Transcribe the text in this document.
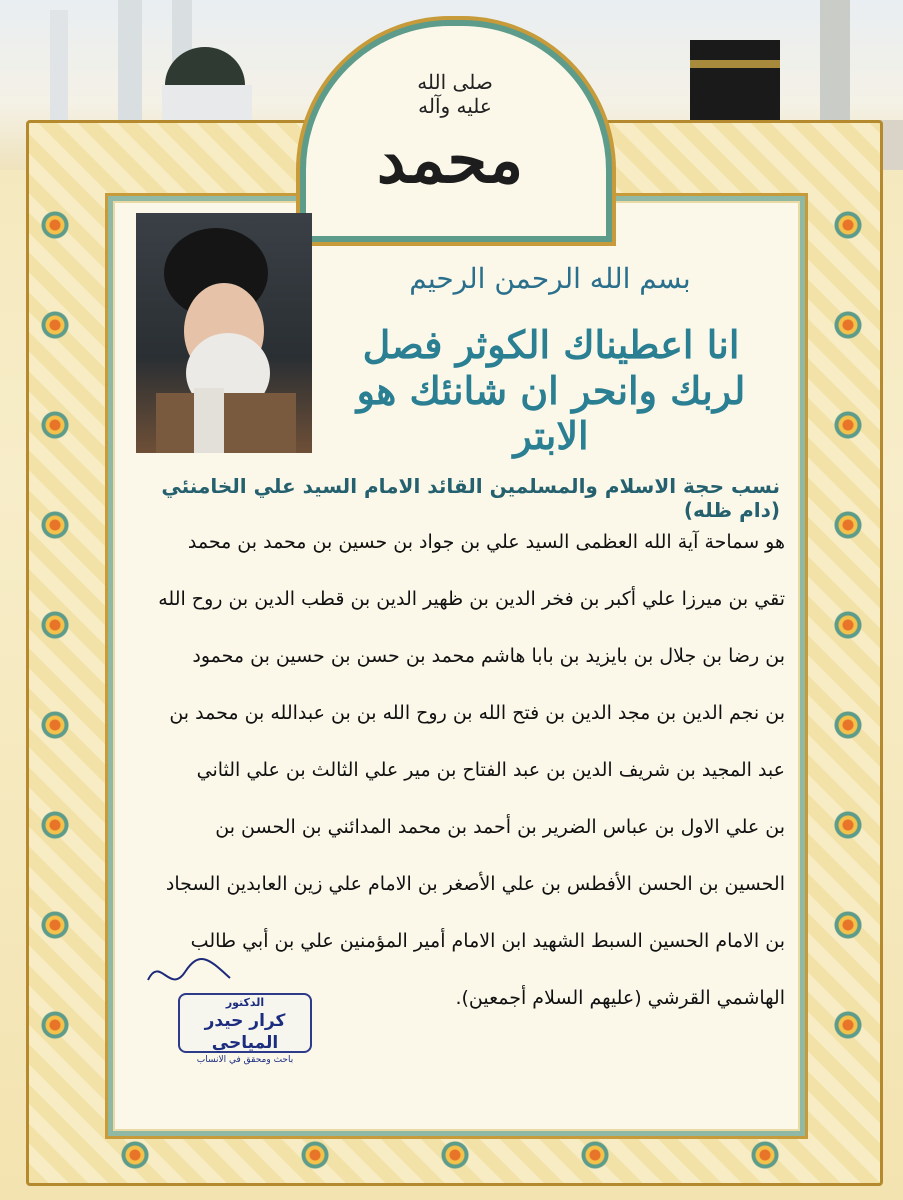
صلى الله عليه وآله
محمد
بسم الله الرحمن الرحيم
انا اعطيناك الكوثر فصل لربك وانحر ان شانئك هو الابتر
نسب حجة الاسلام والمسلمين القائد الامام السيد علي الخامنئي (دام ظله)

هو سماحة آية الله العظمى السيد علي بن جواد بن حسين بن محمد بن محمد

تقي بن ميرزا علي أكبر بن فخر الدين بن ظهير الدين بن قطب الدين بن روح الله

بن رضا بن جلال بن بايزيد بن بابا هاشم محمد بن حسن بن حسين بن محمود

بن نجم الدين بن مجد الدين بن فتح الله بن روح الله بن بن عبدالله بن محمد بن

عبد المجيد بن شريف الدين بن عبد الفتاح بن مير علي الثالث بن علي الثاني

بن علي الاول بن عباس الضرير بن أحمد بن محمد المدائني بن الحسن بن

الحسين بن الحسن الأفطس بن علي الأصغر بن الامام علي زين العابدين السجاد

بن الامام الحسين السبط الشهيد ابن الامام أمير المؤمنين علي بن أبي طالب

الهاشمي القرشي (عليهم السلام أجمعين).

الدكتور
كرار حيدر المياحي
باحث ومحقق في الانساب
